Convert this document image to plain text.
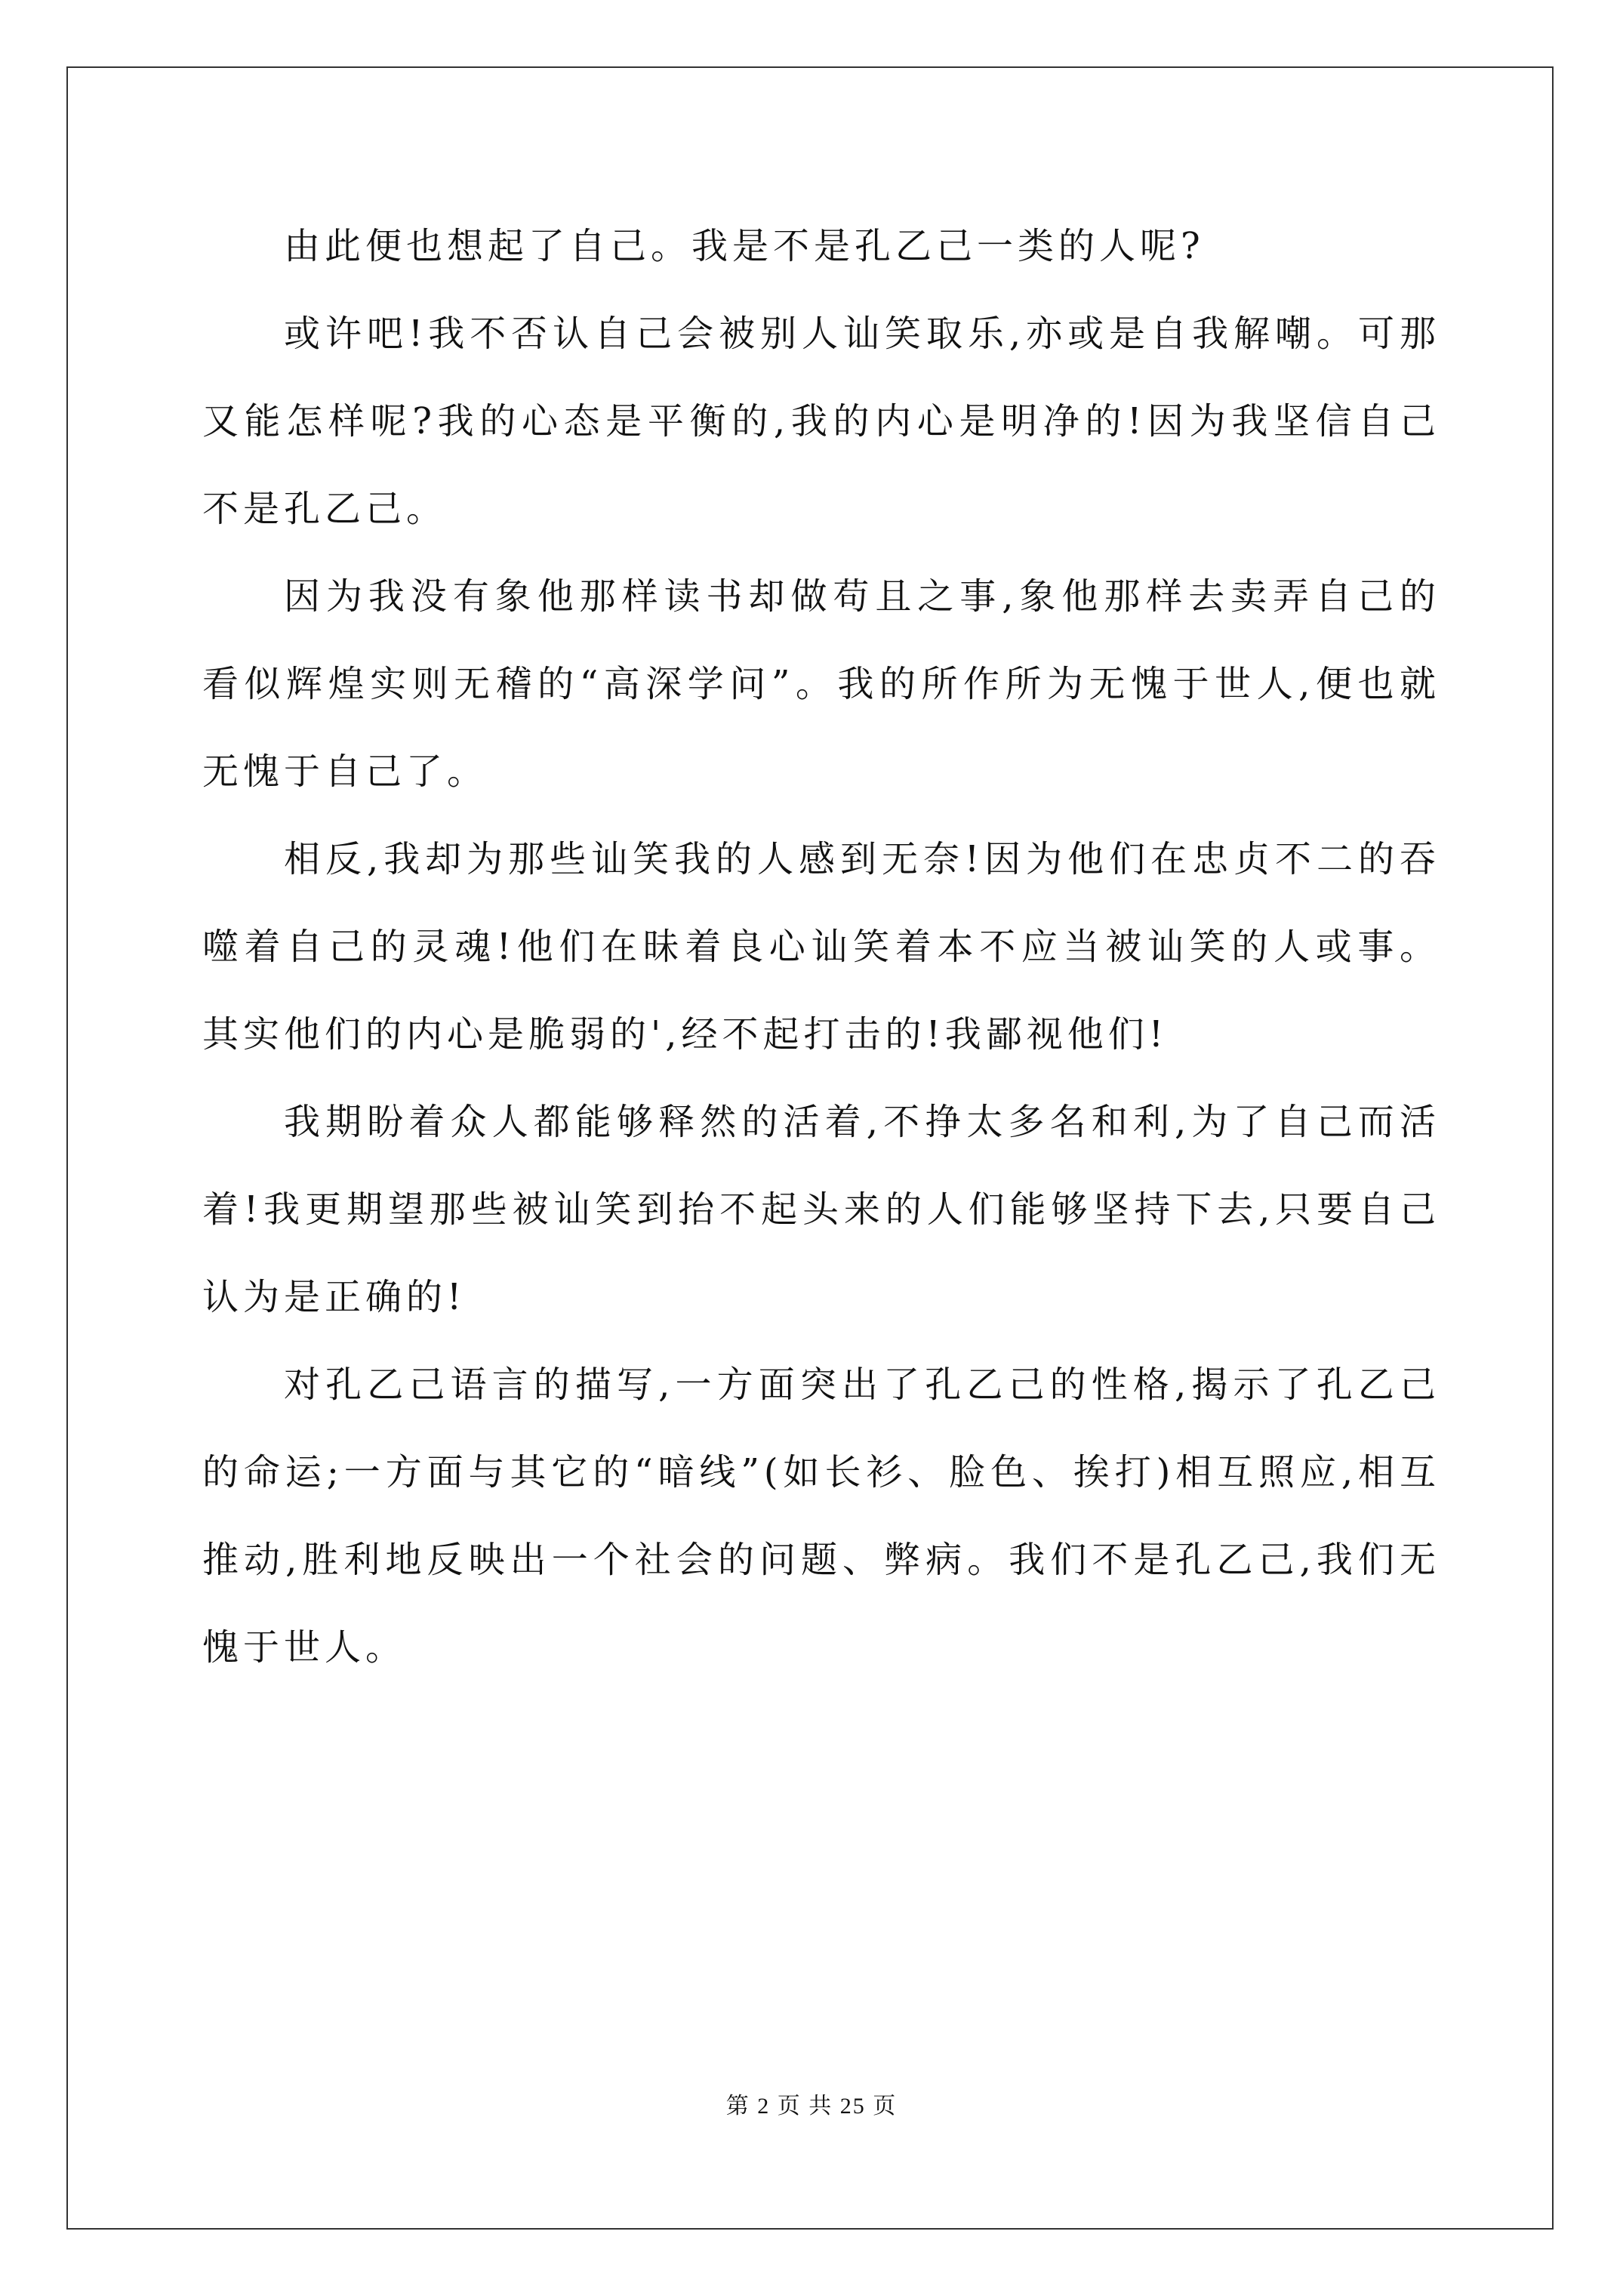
由此便也想起了自己。我是不是孔乙己一类的人呢?

或许吧!我不否认自己会被别人讪笑取乐,亦或是自我解嘲。可那又能怎样呢?我的心态是平衡的,我的内心是明净的!因为我坚信自己不是孔乙己。

因为我没有象他那样读书却做苟且之事,象他那样去卖弄自己的看似辉煌实则无稽的“高深学问”。我的所作所为无愧于世人,便也就无愧于自己了。

相反,我却为那些讪笑我的人感到无奈!因为他们在忠贞不二的吞噬着自己的灵魂!他们在昧着良心讪笑着本不应当被讪笑的人或事。其实他们的内心是脆弱的',经不起打击的!我鄙视他们!

我期盼着众人都能够释然的活着,不挣太多名和利,为了自己而活着!我更期望那些被讪笑到抬不起头来的人们能够坚持下去,只要自己认为是正确的!

对孔乙己语言的描写,一方面突出了孔乙己的性格,揭示了孔乙己的命运;一方面与其它的“暗线”(如长衫、脸色、挨打)相互照应,相互推动,胜利地反映出一个社会的问题、弊病。我们不是孔乙己,我们无愧于世人。

第 2 页 共 25 页
